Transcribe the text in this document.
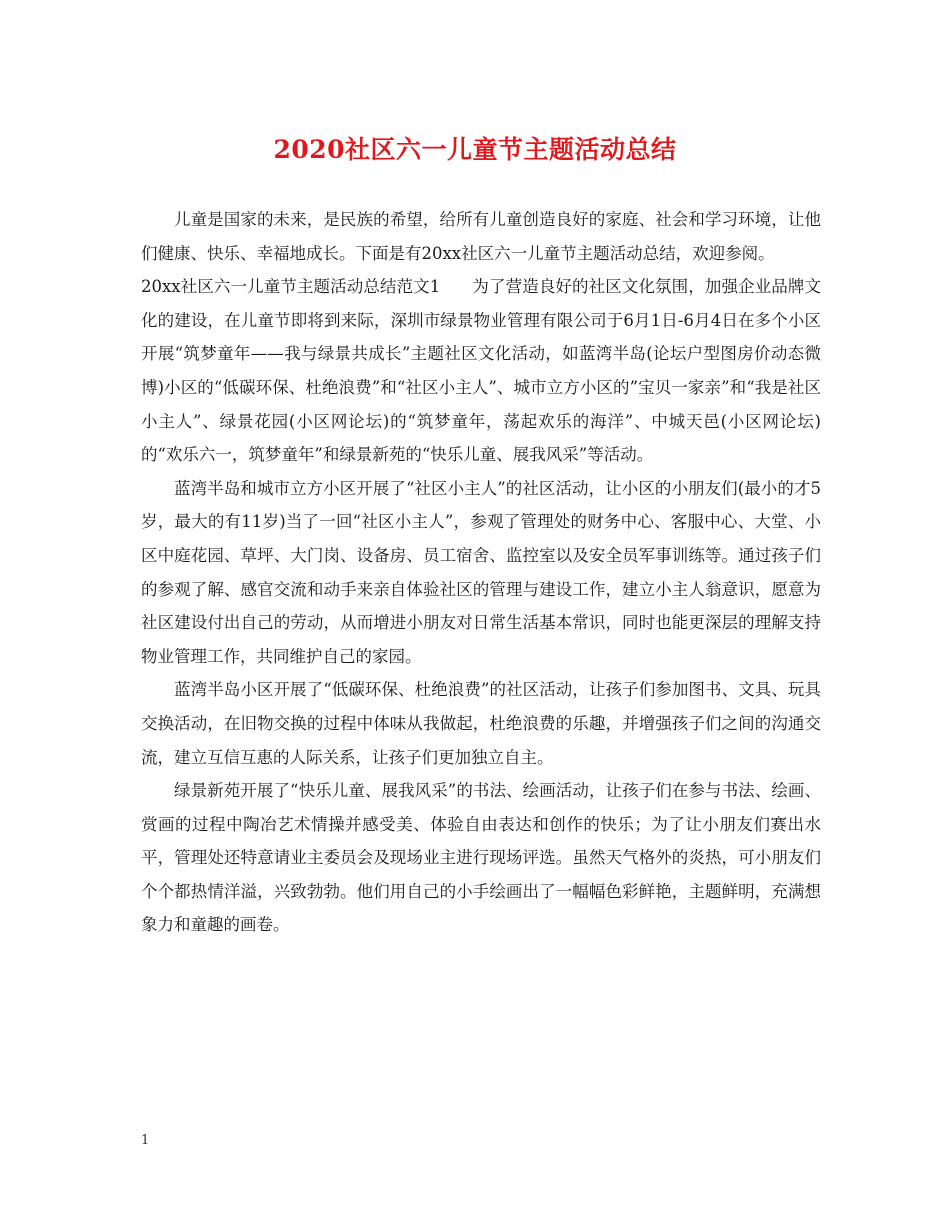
2020社区六一儿童节主题活动总结

儿童是国家的未来，是民族的希望，给所有儿童创造良好的家庭、社会和学习环境，让他们健康、快乐、幸福地成长。下面是有20xx社区六一儿童节主题活动总结，欢迎参阅。

20xx社区六一儿童节主题活动总结范文1 为了营造良好的社区文化氛围，加强企业品牌文化的建设，在儿童节即将到来际，深圳市绿景物业管理有限公司于6月1日-6月4日在多个小区开展“筑梦童年——我与绿景共成长”主题社区文化活动，如蓝湾半岛(论坛户型图房价动态微博)小区的“低碳环保、杜绝浪费”和“社区小主人”、城市立方小区的”宝贝一家亲”和“我是社区小主人”、绿景花园(小区网论坛)的“筑梦童年，荡起欢乐的海洋”、中城天邑(小区网论坛)的“欢乐六一，筑梦童年”和绿景新苑的“快乐儿童、展我风采”等活动。

蓝湾半岛和城市立方小区开展了“社区小主人”的社区活动，让小区的小朋友们(最小的才5岁，最大的有11岁)当了一回“社区小主人”，参观了管理处的财务中心、客服中心、大堂、小区中庭花园、草坪、大门岗、设备房、员工宿舍、监控室以及安全员军事训练等。通过孩子们的参观了解、感官交流和动手来亲自体验社区的管理与建设工作，建立小主人翁意识，愿意为社区建设付出自己的劳动，从而增进小朋友对日常生活基本常识，同时也能更深层的理解支持物业管理工作，共同维护自己的家园。

蓝湾半岛小区开展了“低碳环保、杜绝浪费”的社区活动，让孩子们参加图书、文具、玩具交换活动，在旧物交换的过程中体味从我做起，杜绝浪费的乐趣，并增强孩子们之间的沟通交流，建立互信互惠的人际关系，让孩子们更加独立自主。

绿景新苑开展了“快乐儿童、展我风采”的书法、绘画活动，让孩子们在参与书法、绘画、赏画的过程中陶冶艺术情操并感受美、体验自由表达和创作的快乐；为了让小朋友们赛出水平，管理处还特意请业主委员会及现场业主进行现场评选。虽然天气格外的炎热，可小朋友们个个都热情洋溢，兴致勃勃。他们用自己的小手绘画出了一幅幅色彩鲜艳，主题鲜明，充满想象力和童趣的画卷。

1
